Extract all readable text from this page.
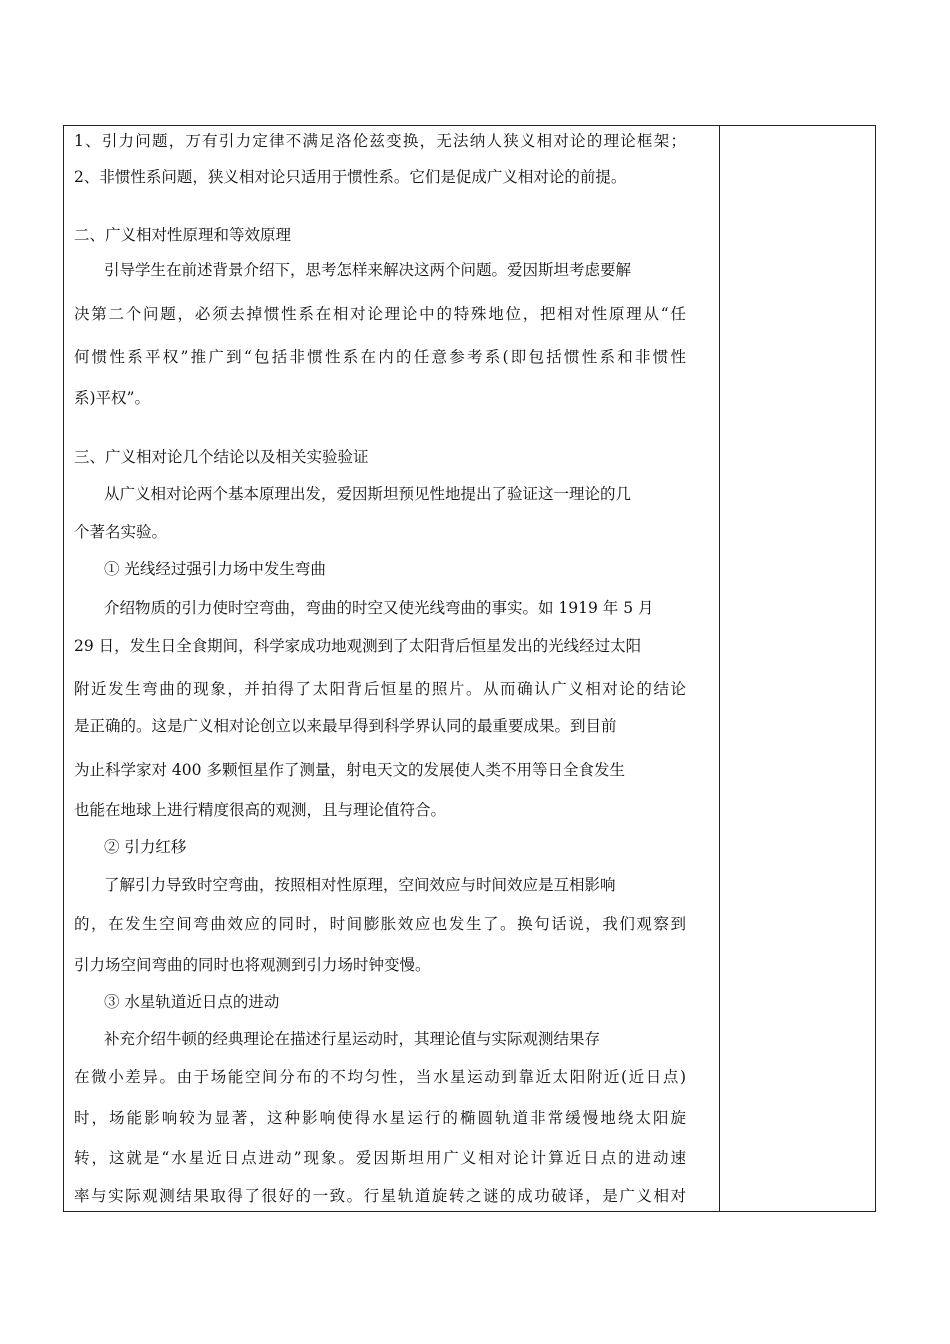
1、引力问题，万有引力定律不满足洛伦兹变换，无法纳人狭义相对论的理论框架；
2、非惯性系问题，狭义相对论只适用于惯性系。它们是促成广义相对论的前提。
二、广义相对性原理和等效原理
引导学生在前述背景介绍下，思考怎样来解决这两个问题。爱因斯坦考虑要解
决第二个问题，必须去掉惯性系在相对论理论中的特殊地位，把相对性原理从“任
何惯性系平权”推广到“包括非惯性系在内的任意参考系(即包括惯性系和非惯性
系)平权”。
三、广义相对论几个结论以及相关实验验证
从广义相对论两个基本原理出发，爱因斯坦预见性地提出了验证这一理论的几
个著名实验。
① 光线经过强引力场中发生弯曲
介绍物质的引力使时空弯曲，弯曲的时空又使光线弯曲的事实。如 1919 年 5 月
29 日，发生日全食期间，科学家成功地观测到了太阳背后恒星发出的光线经过太阳
附近发生弯曲的现象，并拍得了太阳背后恒星的照片。从而确认广义相对论的结论
是正确的。这是广义相对论创立以来最早得到科学界认同的最重要成果。到目前
为止科学家对 400 多颗恒星作了测量，射电天文的发展使人类不用等日全食发生
也能在地球上进行精度很高的观测，且与理论值符合。
② 引力红移
了解引力导致时空弯曲，按照相对性原理，空间效应与时间效应是互相影响
的，在发生空间弯曲效应的同时，时间膨胀效应也发生了。换句话说，我们观察到
引力场空间弯曲的同时也将观测到引力场时钟变慢。
③ 水星轨道近日点的进动
补充介绍牛顿的经典理论在描述行星运动时，其理论值与实际观测结果存
在微小差异。由于场能空间分布的不均匀性，当水星运动到靠近太阳附近(近日点)
时，场能影响较为显著，这种影响使得水星运行的椭圆轨道非常缓慢地绕太阳旋
转，这就是“水星近日点进动”现象。爱因斯坦用广义相对论计算近日点的进动速
率与实际观测结果取得了很好的一致。行星轨道旋转之谜的成功破译，是广义相对
